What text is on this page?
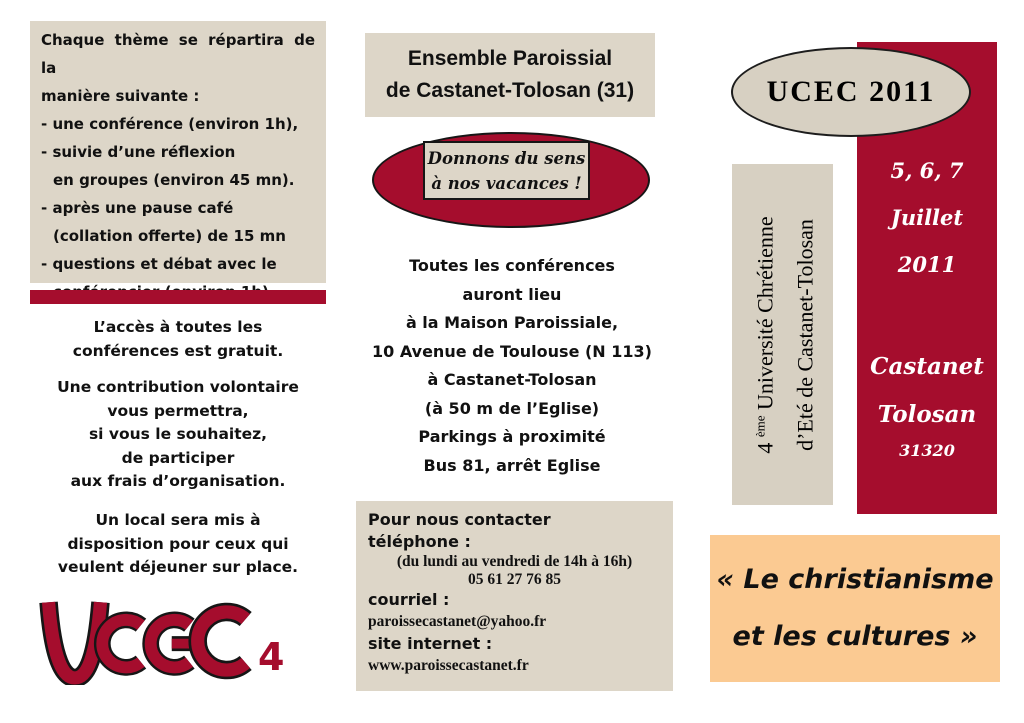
Chaque thème se répartira de la
manière suivante :
- une conférence (environ 1h),
- suivie d’une réflexion
en groupes (environ 45 mn).
- après une pause café
(collation offerte) de 15 mn
- questions et débat avec le
L’accès à toutes les
conférences est gratuit.
Une contribution volontaire
vous permettra,
si vous le souhaitez,
de participer
aux frais d’organisation.
Un local sera mis à
disposition pour ceux qui
veulent déjeuner sur place.
4
Ensemble Paroissial
de Castanet-Tolosan (31)
Donnons du sens
à nos vacances !
Toutes les conférences
auront lieu
à la Maison Paroissiale,
10 Avenue de Toulouse (N 113)
à Castanet-Tolosan
(à 50 m de l’Eglise)
Parkings à proximité
Bus 81, arrêt Eglise
Pour nous contacter
téléphone :
(du lundi au vendredi de 14h à 16h)
05 61 27 76 85
courriel :
paroissecastanet@yahoo.fr
site internet :
www.paroissecastanet.fr
5, 6, 7
Juillet
2011
Castanet
Tolosan
31320
UCEC 2011
4 $^{ème}$ Université Chrétienne d’Eté de Castanet-Tolosan
« Le christianisme
et les cultures »
